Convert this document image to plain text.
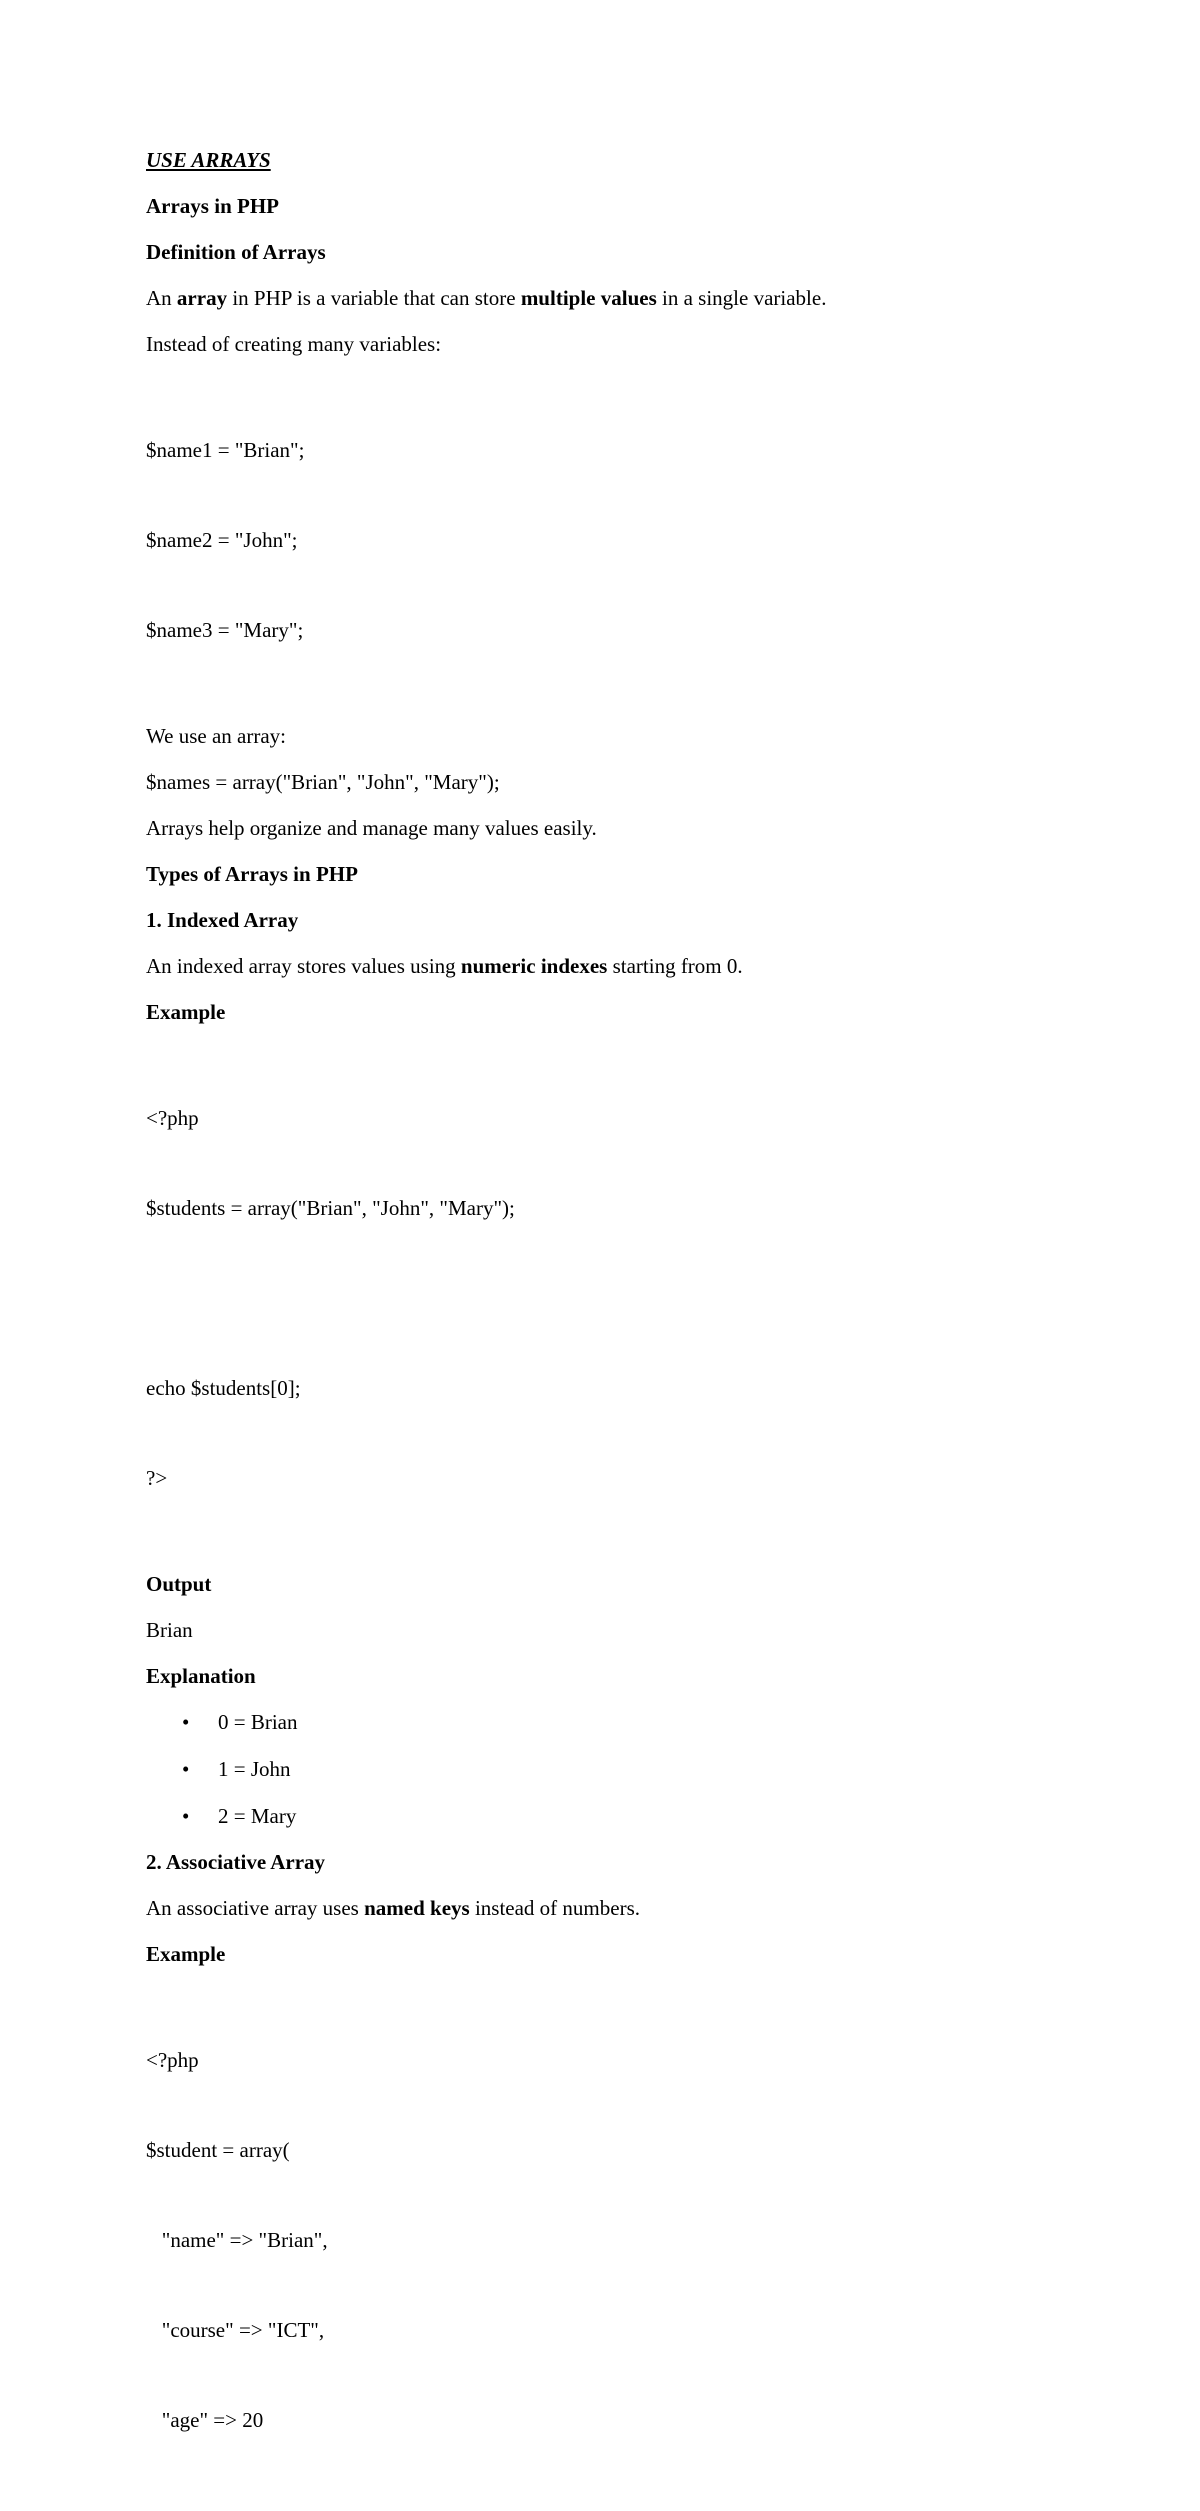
USE ARRAYS
Arrays in PHP
Definition of Arrays
An array in PHP is a variable that can store multiple values in a single variable.
Instead of creating many variables:

$name1 = "Brian";

$name2 = "John";

$name3 = "Mary";

We use an array:
$names = array("Brian", "John", "Mary");
Arrays help organize and manage many values easily.
Types of Arrays in PHP
1. Indexed Array
An indexed array stores values using numeric indexes starting from 0.
Example

<?php

$students = array("Brian", "John", "Mary");

echo $students[0];

?>

Output
Brian
Explanation
• 0 = Brian
• 1 = John
• 2 = Mary
2. Associative Array
An associative array uses named keys instead of numbers.
Example

<?php

$student = array(

"name" => "Brian",

"course" => "ICT",

"age" => 20
